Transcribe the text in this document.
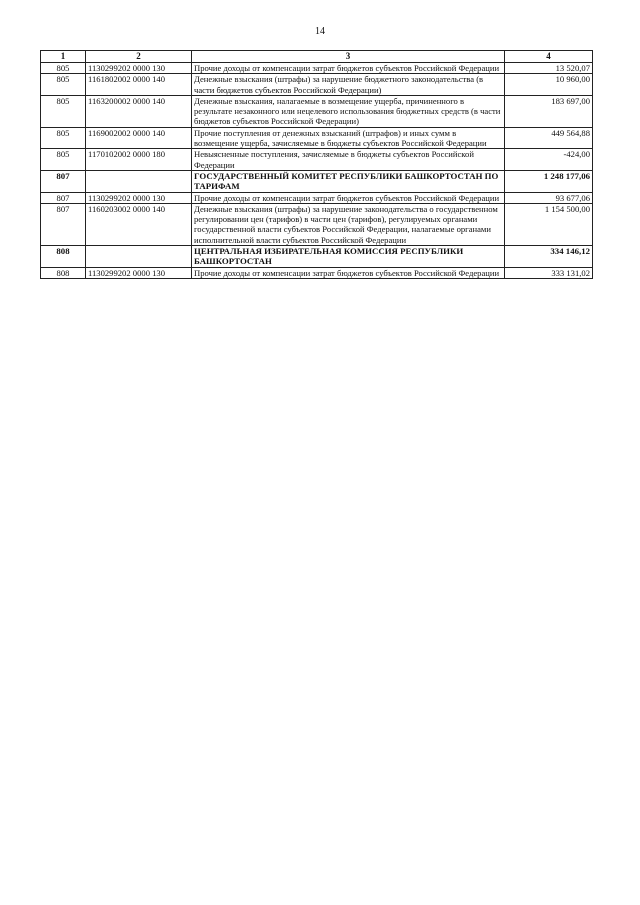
14
1	2	3	4
805	1130299202 0000 130	Прочие доходы от компенсации затрат бюджетов субъектов Российской Федерации	13 520,07
805	1161802002 0000 140	Денежные взыскания (штрафы) за нарушение бюджетного законодательства (в части бюджетов субъектов Российской Федерации)	10 960,00
805	1163200002 0000 140	Денежные взыскания, налагаемые в возмещение ущерба, причиненного в результате незаконного или нецелевого использования бюджетных средств (в части бюджетов субъектов Российской Федерации)	183 697,00
805	1169002002 0000 140	Прочие поступления от денежных взысканий (штрафов) и иных сумм в возмещение ущерба, зачисляемые в бюджеты субъектов Российской Федерации	449 564,88
805	1170102002 0000 180	Невыясненные поступления, зачисляемые в бюджеты субъектов Российской Федерации	-424,00
807		ГОСУДАРСТВЕННЫЙ КОМИТЕТ РЕСПУБЛИКИ БАШКОРТОСТАН ПО ТАРИФАМ	1 248 177,06
807	1130299202 0000 130	Прочие доходы от компенсации затрат бюджетов субъектов Российской Федерации	93 677,06
807	1160203002 0000 140	Денежные взыскания (штрафы) за нарушение законодательства о государственном регулировании цен (тарифов) в части цен (тарифов), регулируемых органами государственной власти субъектов Российской Федерации, налагаемые органами исполнительной власти субъектов Российской Федерации	1 154 500,00
808		ЦЕНТРАЛЬНАЯ ИЗБИРАТЕЛЬНАЯ КОМИССИЯ РЕСПУБЛИКИ БАШКОРТОСТАН	334 146,12
808	1130299202 0000 130	Прочие доходы от компенсации затрат бюджетов субъектов Российской Федерации	333 131,02
